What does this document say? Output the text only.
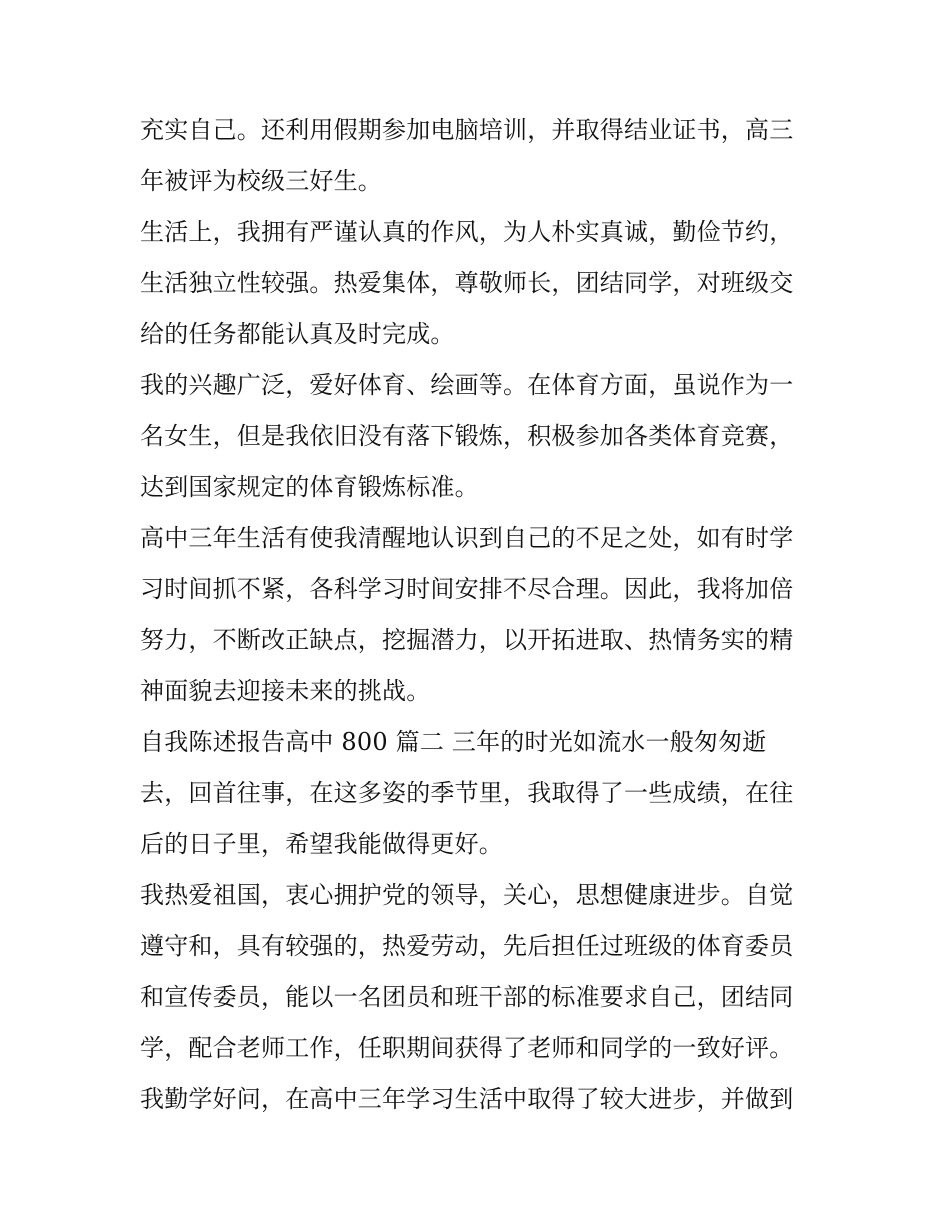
充实自己。还利用假期参加电脑培训，并取得结业证书，高三
年被评为校级三好生。
生活上，我拥有严谨认真的作风，为人朴实真诚，勤俭节约，
生活独立性较强。热爱集体，尊敬师长，团结同学，对班级交
给的任务都能认真及时完成。
我的兴趣广泛，爱好体育、绘画等。在体育方面，虽说作为一
名女生，但是我依旧没有落下锻炼，积极参加各类体育竞赛，
达到国家规定的体育锻炼标准。
高中三年生活有使我清醒地认识到自己的不足之处，如有时学
习时间抓不紧，各科学习时间安排不尽合理。因此，我将加倍
努力，不断改正缺点，挖掘潜力，以开拓进取、热情务实的精
神面貌去迎接未来的挑战。
自我陈述报告高中 800 篇二 三年的时光如流水一般匆匆逝
去，回首往事，在这多姿的季节里，我取得了一些成绩，在往
后的日子里，希望我能做得更好。
我热爱祖国，衷心拥护党的领导，关心，思想健康进步。自觉
遵守和，具有较强的，热爱劳动，先后担任过班级的体育委员
和宣传委员，能以一名团员和班干部的标准要求自己，团结同
学，配合老师工作，任职期间获得了老师和同学的一致好评。
我勤学好问，在高中三年学习生活中取得了较大进步，并做到
